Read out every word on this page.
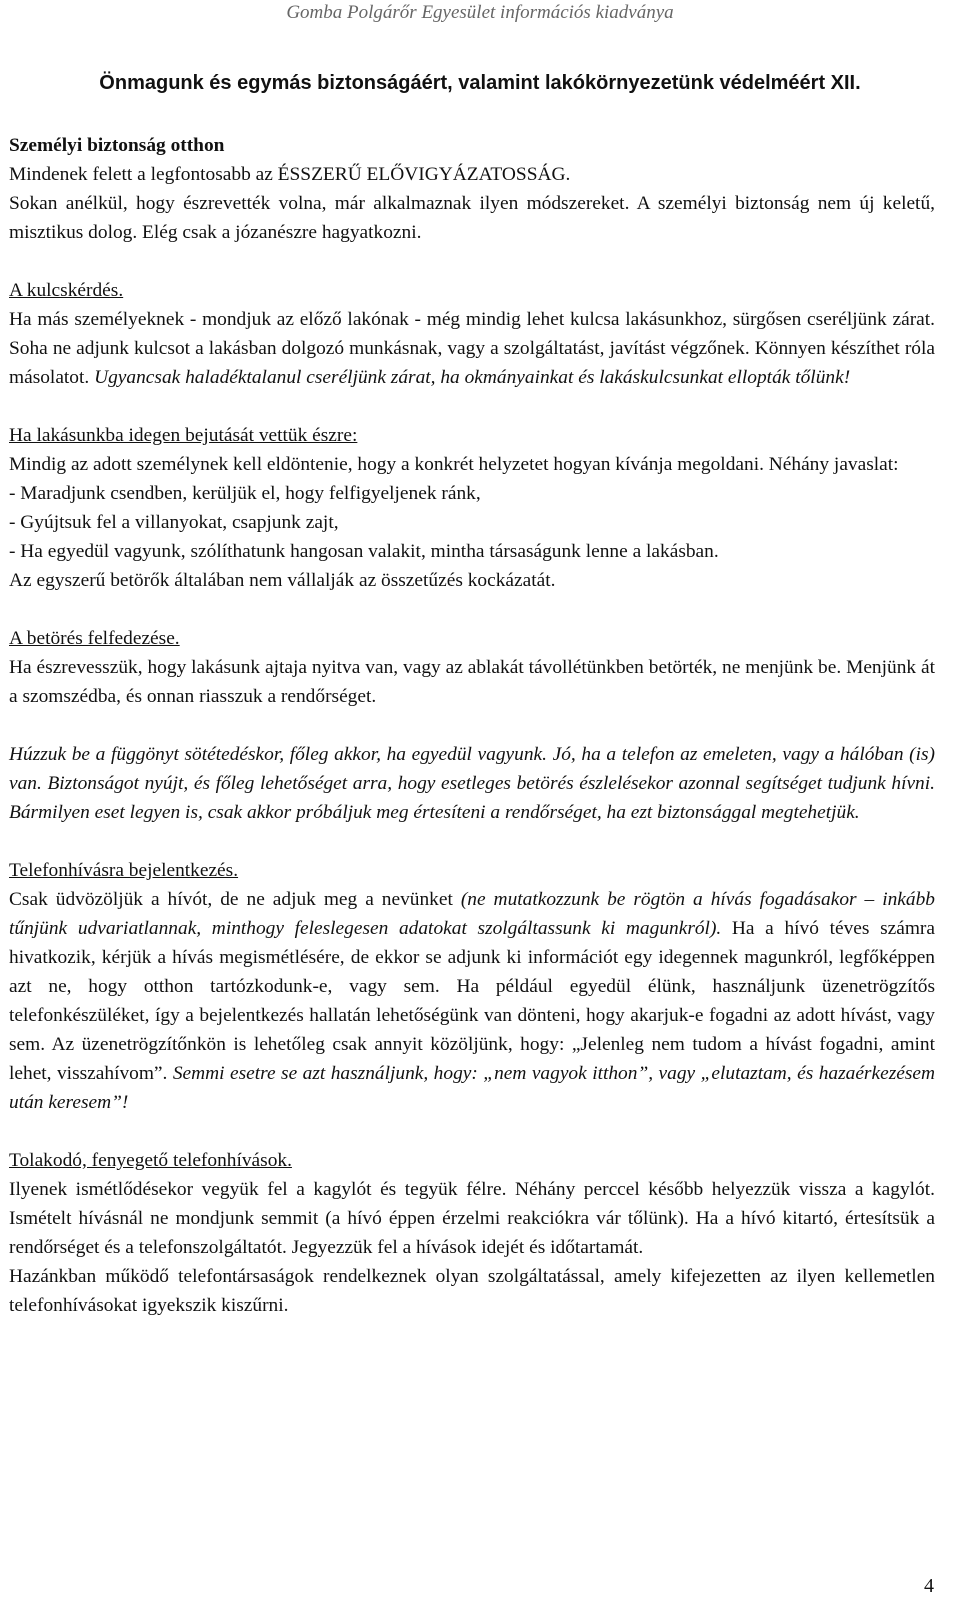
Gomba Polgárőr Egyesület információs kiadványa
Önmagunk és egymás biztonságáért, valamint lakókörnyezetünk védelméért XII.

Személyi biztonság otthon

Mindenek felett a legfontosabb az ÉSSZERŰ ELŐVIGYÁZATOSSÁG.

Sokan anélkül, hogy észrevették volna, már alkalmaznak ilyen módszereket. A személyi biztonság nem új keletű, misztikus dolog. Elég csak a józanészre hagyatkozni.

A kulcskérdés.

Ha más személyeknek - mondjuk az előző lakónak - még mindig lehet kulcsa lakásunkhoz, sürgősen cseréljünk zárat. Soha ne adjunk kulcsot a lakásban dolgozó munkásnak, vagy a szolgáltatást, javítást végzőnek. Könnyen készíthet róla másolatot. Ugyancsak haladéktalanul cseréljünk zárat, ha okmányainkat és lakáskulcsunkat ellopták tőlünk!

Ha lakásunkba idegen bejutását vettük észre:

Mindig az adott személynek kell eldöntenie, hogy a konkrét helyzetet hogyan kívánja megoldani. Néhány javaslat:

- Maradjunk csendben, kerüljük el, hogy felfigyeljenek ránk,

- Gyújtsuk fel a villanyokat, csapjunk zajt,

- Ha egyedül vagyunk, szólíthatunk hangosan valakit, mintha társaságunk lenne a lakásban.

Az egyszerű betörők általában nem vállalják az összetűzés kockázatát.

A betörés felfedezése.

Ha észrevesszük, hogy lakásunk ajtaja nyitva van, vagy az ablakát távollétünkben betörték, ne menjünk be. Menjünk át a szomszédba, és onnan riasszuk a rendőrséget.

Húzzuk be a függönyt sötétedéskor, főleg akkor, ha egyedül vagyunk. Jó, ha a telefon az emeleten, vagy a hálóban (is) van. Biztonságot nyújt, és főleg lehetőséget arra, hogy esetleges betörés észlelésekor azonnal segítséget tudjunk hívni. Bármilyen eset legyen is, csak akkor próbáljuk meg értesíteni a rendőrséget, ha ezt biztonsággal megtehetjük.

Telefonhívásra bejelentkezés.

Csak üdvözöljük a hívót, de ne adjuk meg a nevünket (ne mutatkozzunk be rögtön a hívás fogadásakor – inkább tűnjünk udvariatlannak, minthogy feleslegesen adatokat szolgáltassunk ki magunkról). Ha a hívó téves számra hivatkozik, kérjük a hívás megismétlésére, de ekkor se adjunk ki információt egy idegennek magunkról, legfőképpen azt ne, hogy otthon tartózkodunk-e, vagy sem. Ha például egyedül élünk, használjunk üzenetrögzítős telefonkészüléket, így a bejelentkezés hallatán lehetőségünk van dönteni, hogy akarjuk-e fogadni az adott hívást, vagy sem. Az üzenetrögzítőnkön is lehetőleg csak annyit közöljünk, hogy: „Jelenleg nem tudom a hívást fogadni, amint lehet, visszahívom”. Semmi esetre se azt használjunk, hogy: „nem vagyok itthon”, vagy „elutaztam, és hazaérkezésem után keresem”!

Tolakodó, fenyegető telefonhívások.

Ilyenek ismétlődésekor vegyük fel a kagylót és tegyük félre. Néhány perccel később helyezzük vissza a kagylót. Ismételt hívásnál ne mondjunk semmit (a hívó éppen érzelmi reakciókra vár tőlünk). Ha a hívó kitartó, értesítsük a rendőrséget és a telefonszolgáltatót. Jegyezzük fel a hívások idejét és időtartamát.

Hazánkban működő telefontársaságok rendelkeznek olyan szolgáltatással, amely kifejezetten az ilyen kellemetlen telefonhívásokat igyekszik kiszűrni.

4
